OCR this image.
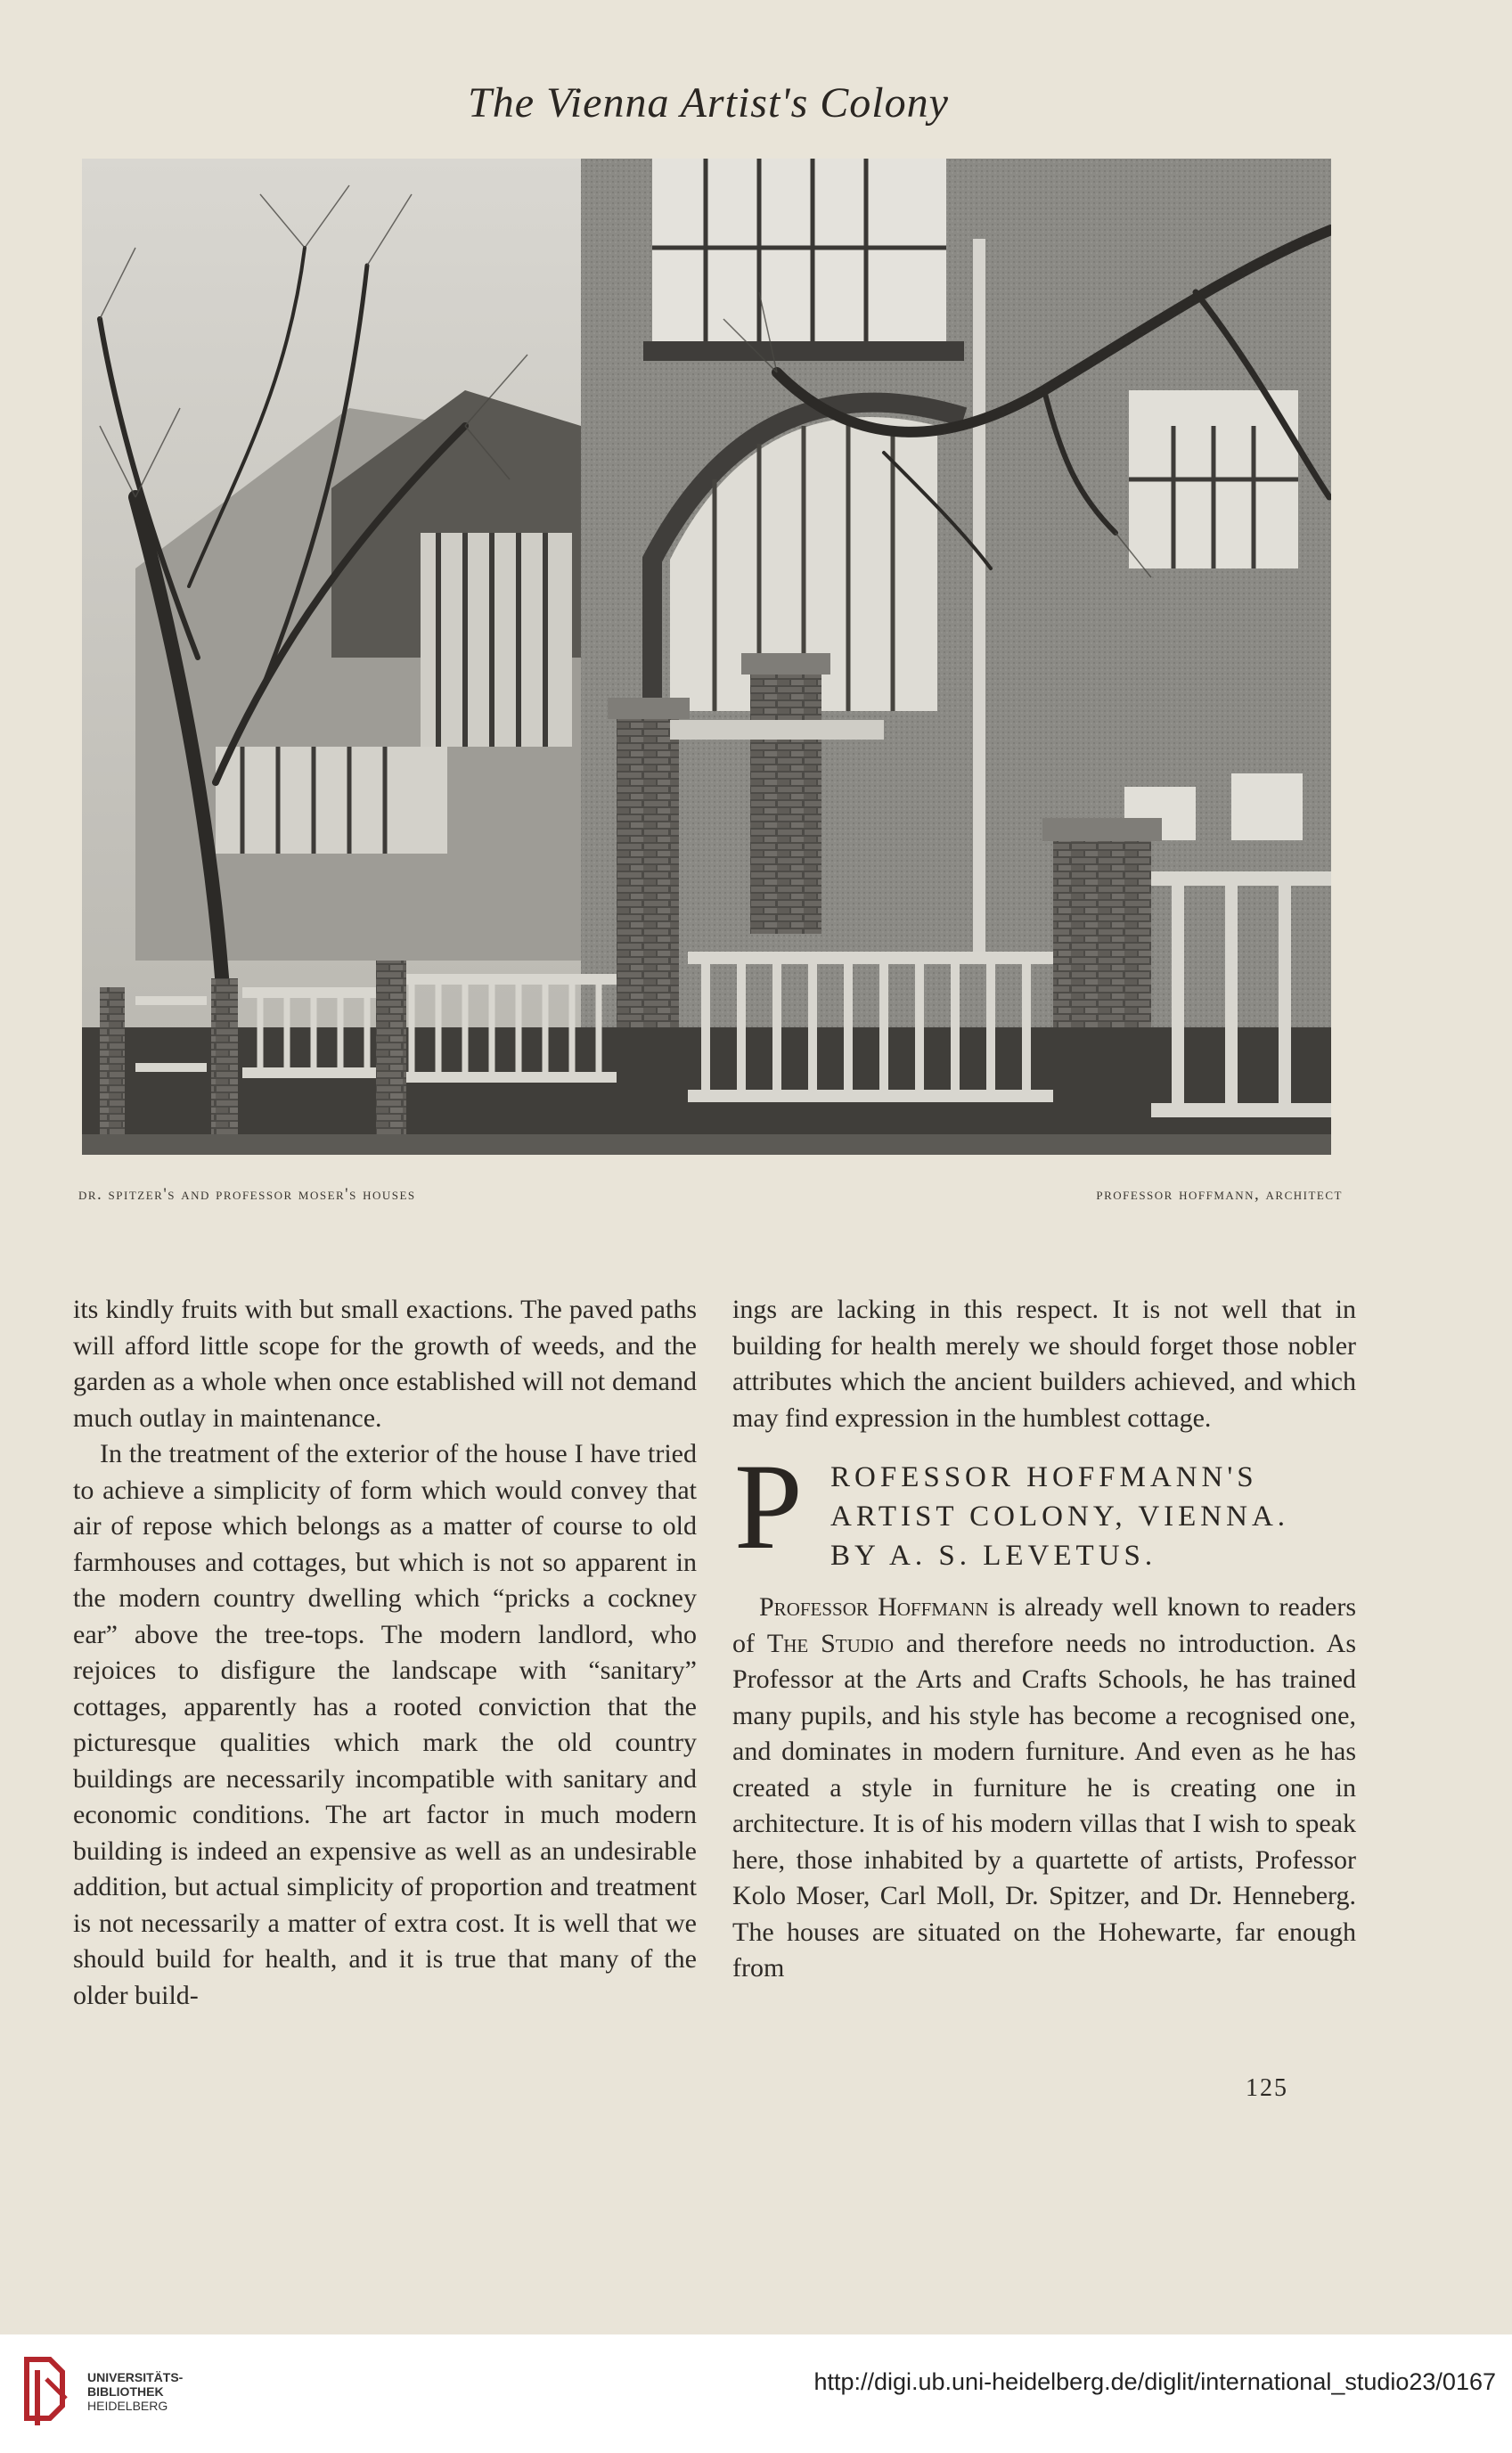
The Vienna Artist's Colony
dr. spitzer's and professor moser's houses	professor hoffmann, architect

its kindly fruits with but small exactions. The paved paths will afford little scope for the growth of weeds, and the garden as a whole when once established will not demand much outlay in maintenance.

In the treatment of the exterior of the house I have tried to achieve a simplicity of form which would convey that air of repose which belongs as a matter of course to old farmhouses and cottages, but which is not so apparent in the modern country dwelling which “pricks a cockney ear” above the tree-tops. The modern landlord, who rejoices to disfigure the landscape with “sanitary” cottages, apparently has a rooted conviction that the picturesque qualities which mark the old country buildings are necessarily incompatible with sanitary and economic conditions. The art factor in much modern building is indeed an expensive as well as an undesirable addition, but actual simplicity of proportion and treatment is not necessarily a matter of extra cost. It is well that we should build for health, and it is true that many of the older build-

ings are lacking in this respect. It is not well that in building for health merely we should forget those nobler attributes which the ancient builders achieved, and which may find expression in the humblest cottage.

P ROFESSOR HOFFMANN'S
ARTIST COLONY, VIENNA.
BY A. S. LEVETUS.

Professor Hoffmann is already well known to readers of The Studio and therefore needs no introduction. As Professor at the Arts and Crafts Schools, he has trained many pupils, and his style has become a recognised one, and dominates in modern furniture. And even as he has created a style in furniture he is creating one in architecture. It is of his modern villas that I wish to speak here, those inhabited by a quartette of artists, Professor Kolo Moser, Carl Moll, Dr. Spitzer, and Dr. Henneberg. The houses are situated on the Hohewarte, far enough from

125
UNIVERSITÄTS-
BIBLIOTHEK
HEIDELBERG
http://digi.ub.uni-heidelberg.de/diglit/international_studio23/0167
